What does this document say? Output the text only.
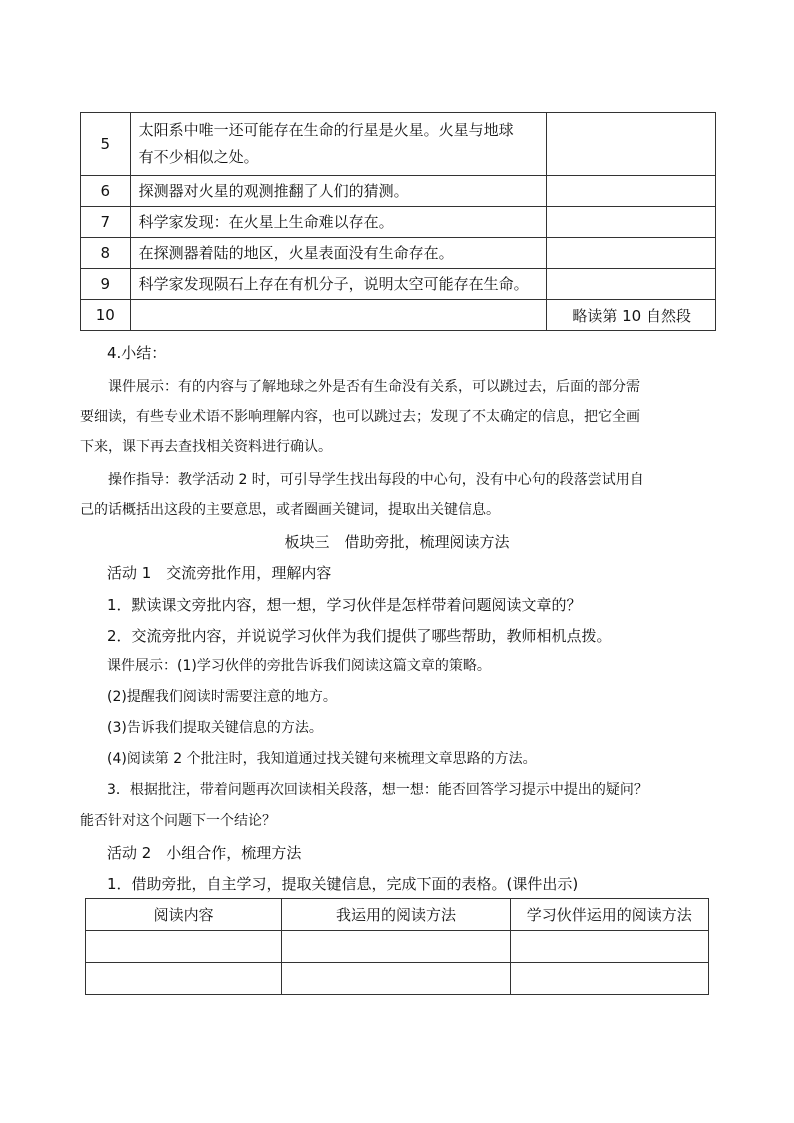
5	太阳系中唯一还可能存在生命的行星是火星。火星与地球
有不少相似之处。	

6	探测器对火星的观测推翻了人们的猜测。	
7	科学家发现：在火星上生命难以存在。	
8	在探测器着陆的地区，火星表面没有生命存在。	
9	科学家发现陨石上存在有机分子，说明太空可能存在生命。	
10		略读第 10 自然段
4.小结：
课件展示：有的内容与了解地球之外是否有生命没有关系，可以跳过去，后面的部分需
要细读，有些专业术语不影响理解内容，也可以跳过去；发现了不太确定的信息，把它全画
下来，课下再去查找相关资料进行确认。
操作指导：教学活动 2 时，可引导学生找出每段的中心句，没有中心句的段落尝试用自
己的话概括出这段的主要意思，或者圈画关键词，提取出关键信息。
板块三　借助旁批，梳理阅读方法
活动 1　交流旁批作用，理解内容
1．默读课文旁批内容，想一想，学习伙伴是怎样带着问题阅读文章的？
2．交流旁批内容，并说说学习伙伴为我们提供了哪些帮助，教师相机点拨。
课件展示：(1)学习伙伴的旁批告诉我们阅读这篇文章的策略。
(2)提醒我们阅读时需要注意的地方。
(3)告诉我们提取关键信息的方法。
(4)阅读第 2 个批注时，我知道通过找关键句来梳理文章思路的方法。
3．根据批注，带着问题再次回读相关段落，想一想：能否回答学习提示中提出的疑问？
能否针对这个问题下一个结论？
活动 2　小组合作，梳理方法
1．借助旁批，自主学习，提取关键信息，完成下面的表格。(课件出示)
阅读内容	我运用的阅读方法	学习伙伴运用的阅读方法
